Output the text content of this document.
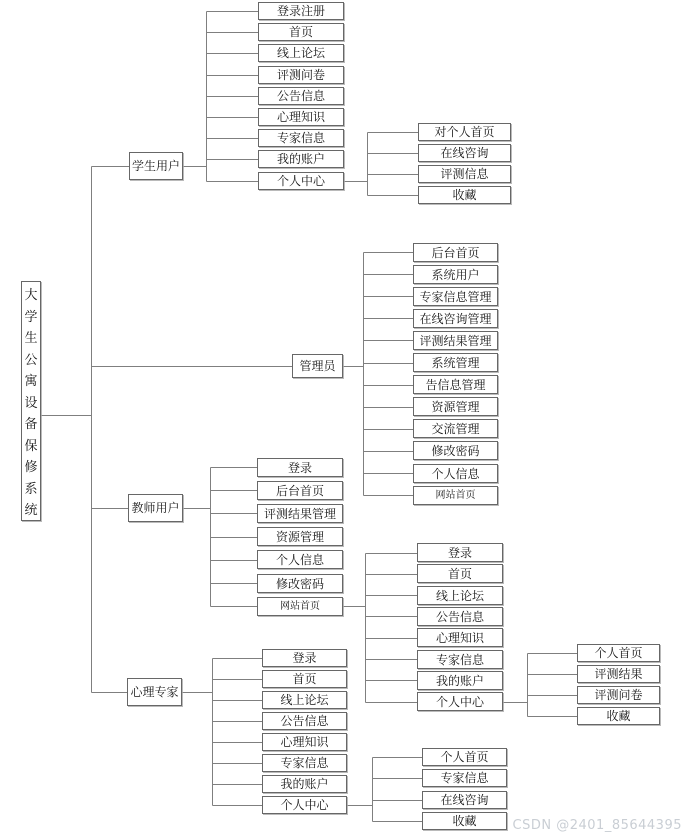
大学生公寓设备保修系统
学生用户
管理员
教师用户
心理专家
登录注册
首页
线上论坛
评测问卷
公告信息
心理知识
专家信息
我的账户
个人中心
对个人首页
在线咨询
评测信息
收藏
后台首页
系统用户
专家信息管理
在线咨询管理
评测结果管理
系统管理
告信息管理
资源管理
交流管理
修改密码
个人信息
网站首页
登录
后台首页
评测结果管理
资源管理
个人信息
修改密码
网站首页
登录
首页
线上论坛
公告信息
心理知识
专家信息
我的账户
个人中心
个人首页
评测结果
评测问卷
收藏
登录
首页
线上论坛
公告信息
心理知识
专家信息
我的账户
个人中心
个人首页
专家信息
在线咨询
收藏	CSDN @2401_85644395
